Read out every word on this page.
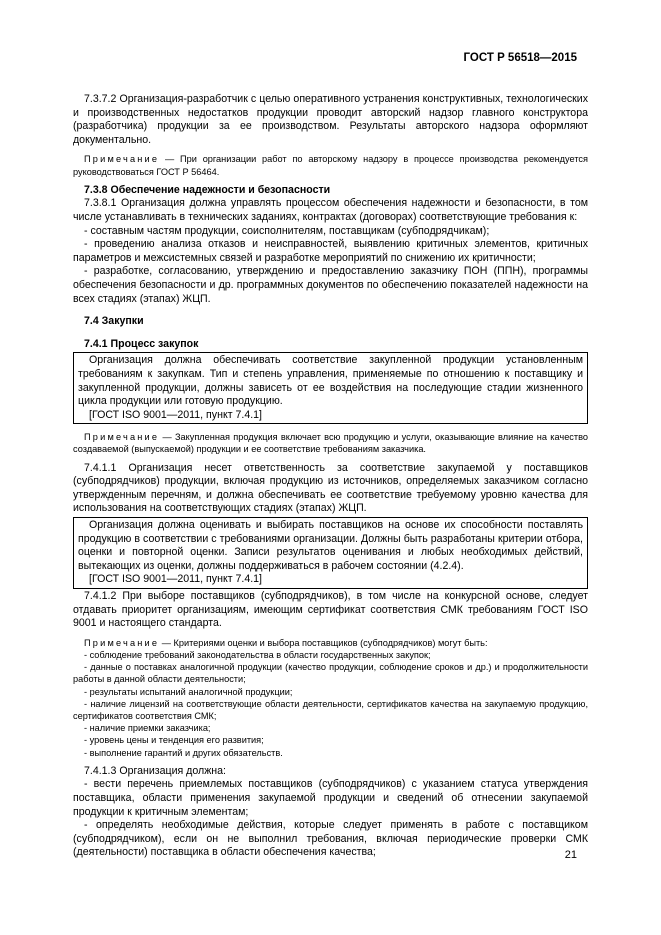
ГОСТ Р 56518—2015

7.3.7.2 Организация-разработчик с целью оперативного устранения конструктивных, технологических и производственных недостатков продукции проводит авторский надзор главного конструктора (разработчика) продукции за ее производством. Результаты авторского надзора оформляют документально.

Примечание — При организации работ по авторскому надзору в процессе производства рекомендуется руководствоваться ГОСТ Р 56464.

7.3.8 Обеспечение надежности и безопасности

7.3.8.1 Организация должна управлять процессом обеспечения надежности и безопасности, в том числе устанавливать в технических заданиях, контрактах (договорах) соответствующие требования к:

- составным частям продукции, соисполнителям, поставщикам (субподрядчикам);

- проведению анализа отказов и неисправностей, выявлению критичных элементов, критичных параметров и межсистемных связей и разработке мероприятий по снижению их критичности;

- разработке, согласованию, утверждению и предоставлению заказчику ПОН (ППН), программы обеспечения безопасности и др. программных документов по обеспечению показателей надежности на всех стадиях (этапах) ЖЦП.

7.4 Закупки

7.4.1 Процесс закупок

Организация должна обеспечивать соответствие закупленной продукции установленным требованиям к закупкам. Тип и степень управления, применяемые по отношению к поставщику и закупленной продукции, должны зависеть от ее воздействия на последующие стадии жизненного цикла продукции или готовую продукцию.

[ГОСТ ISO 9001—2011, пункт 7.4.1]

Примечание — Закупленная продукция включает всю продукцию и услуги, оказывающие влияние на качество создаваемой (выпускаемой) продукции и ее соответствие требованиям заказчика.

7.4.1.1 Организация несет ответственность за соответствие закупаемой у поставщиков (субподрядчиков) продукции, включая продукцию из источников, определяемых заказчиком согласно утвержденным перечням, и должна обеспечивать ее соответствие требуемому уровню качества для использования на соответствующих стадиях (этапах) ЖЦП.

Организация должна оценивать и выбирать поставщиков на основе их способности поставлять продукцию в соответствии с требованиями организации. Должны быть разработаны критерии отбора, оценки и повторной оценки. Записи результатов оценивания и любых необходимых действий, вытекающих из оценки, должны поддерживаться в рабочем состоянии (4.2.4).

[ГОСТ ISO 9001—2011, пункт 7.4.1]

7.4.1.2 При выборе поставщиков (субподрядчиков), в том числе на конкурсной основе, следует отдавать приоритет организациям, имеющим сертификат соответствия СМК требованиям ГОСТ ISO 9001 и настоящего стандарта.

Примечание — Критериями оценки и выбора поставщиков (субподрядчиков) могут быть:

- соблюдение требований законодательства в области государственных закупок;

- данные о поставках аналогичной продукции (качество продукции, соблюдение сроков и др.) и продолжительности работы в данной области деятельности;

- результаты испытаний аналогичной продукции;

- наличие лицензий на соответствующие области деятельности, сертификатов качества на закупаемую продукцию, сертификатов соответствия СМК;

- наличие приемки заказчика;

- уровень цены и тенденция его развития;

- выполнение гарантий и других обязательств.

7.4.1.3 Организация должна:

- вести перечень приемлемых поставщиков (субподрядчиков) с указанием статуса утверждения поставщика, области применения закупаемой продукции и сведений об отнесении закупаемой продукции к критичным элементам;

- определять необходимые действия, которые следует применять в работе с поставщиком (субподрядчиком), если он не выполнил требования, включая периодические проверки СМК (деятельности) поставщика в области обеспечения качества;	21
